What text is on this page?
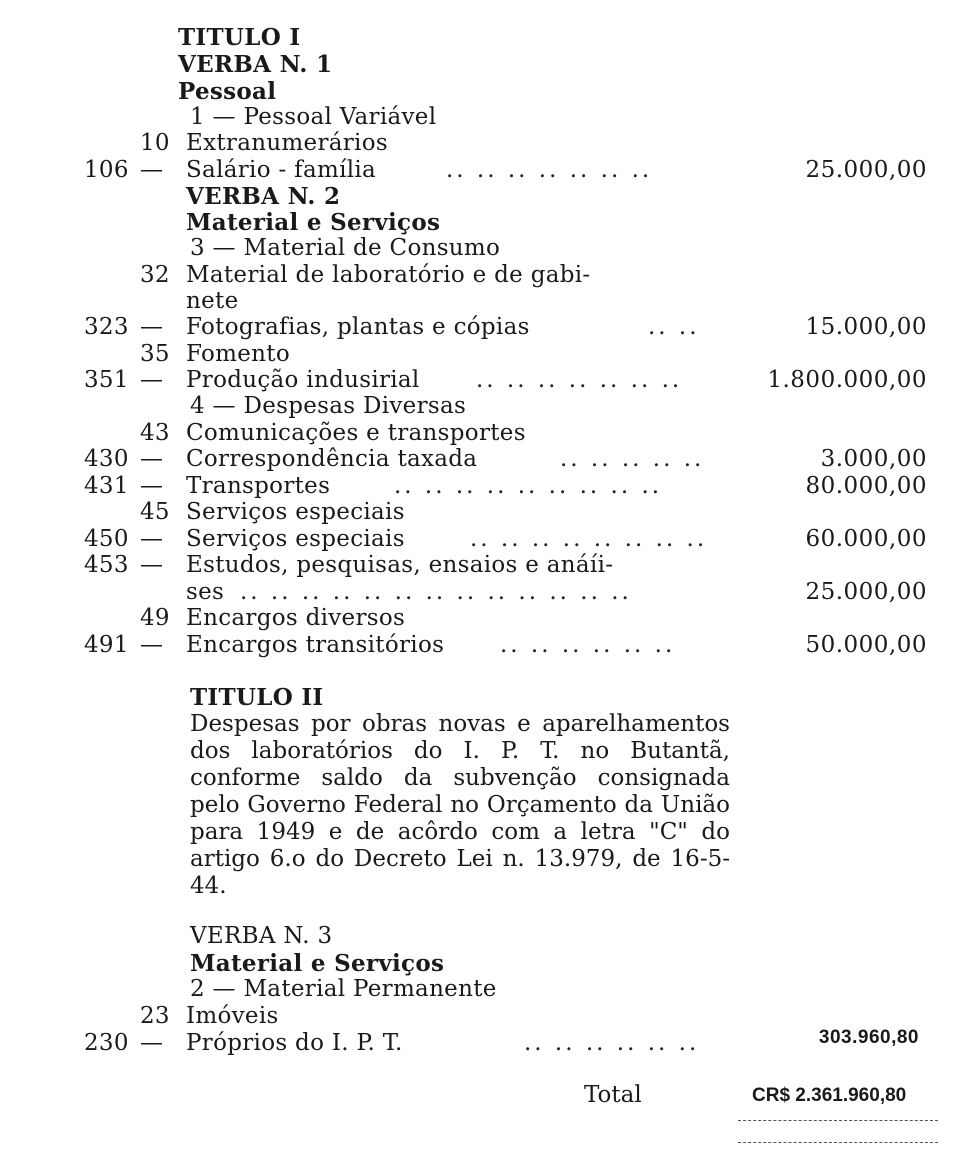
TITULO I
VERBA N. 1
Pessoal
1 — Pessoal Variável
10 Extranumerários
106 — Salário - família	.. .. .. .. .. .. ..	25.000,00
VERBA N. 2
Material e Serviços
3 — Material de Consumo
32 Material de laboratório e de gabi-
nete
323 — Fotografias, plantas e cópias	.. ..	15.000,00
35 Fomento
351 — Produção indusirial .. .. .. .. .. .. ..	1.800.000,00
4 — Despesas Diversas
43 Comunicações e transportes
430 — Correspondência taxada	.. .. .. .. ..	3.000,00
431 — Transportes	.. .. .. .. .. .. .. .. ..	80.000,00
45 Serviços especiais
450 — Serviços especiais	.. .. .. .. .. .. .. ..	60.000,00
453 — Estudos, pesquisas, ensaios e anáíi-
ses .. .. .. .. .. .. .. .. .. .. .. .. ..	25.000,00
49 Encargos diversos
491 — Encargos transitórios .. .. .. .. .. ..	50.000,00
TITULO II
Despesas por obras novas e aparelhamentos dos laboratórios do I. P. T. no Butantã, conforme saldo da subvenção consignada pelo Governo Federal no Orçamento da União para 1949 e de acôrdo com a letra "C" do artigo 6.o do Decreto Lei n. 13.979, de 16-5-44.
VERBA N. 3
Material e Serviços
2 — Material Permanente
23 Imóveis
230 — Próprios do I. P. T.	.. .. .. .. .. ..	303.960,80
Total	CR$ 2.361.960,80
